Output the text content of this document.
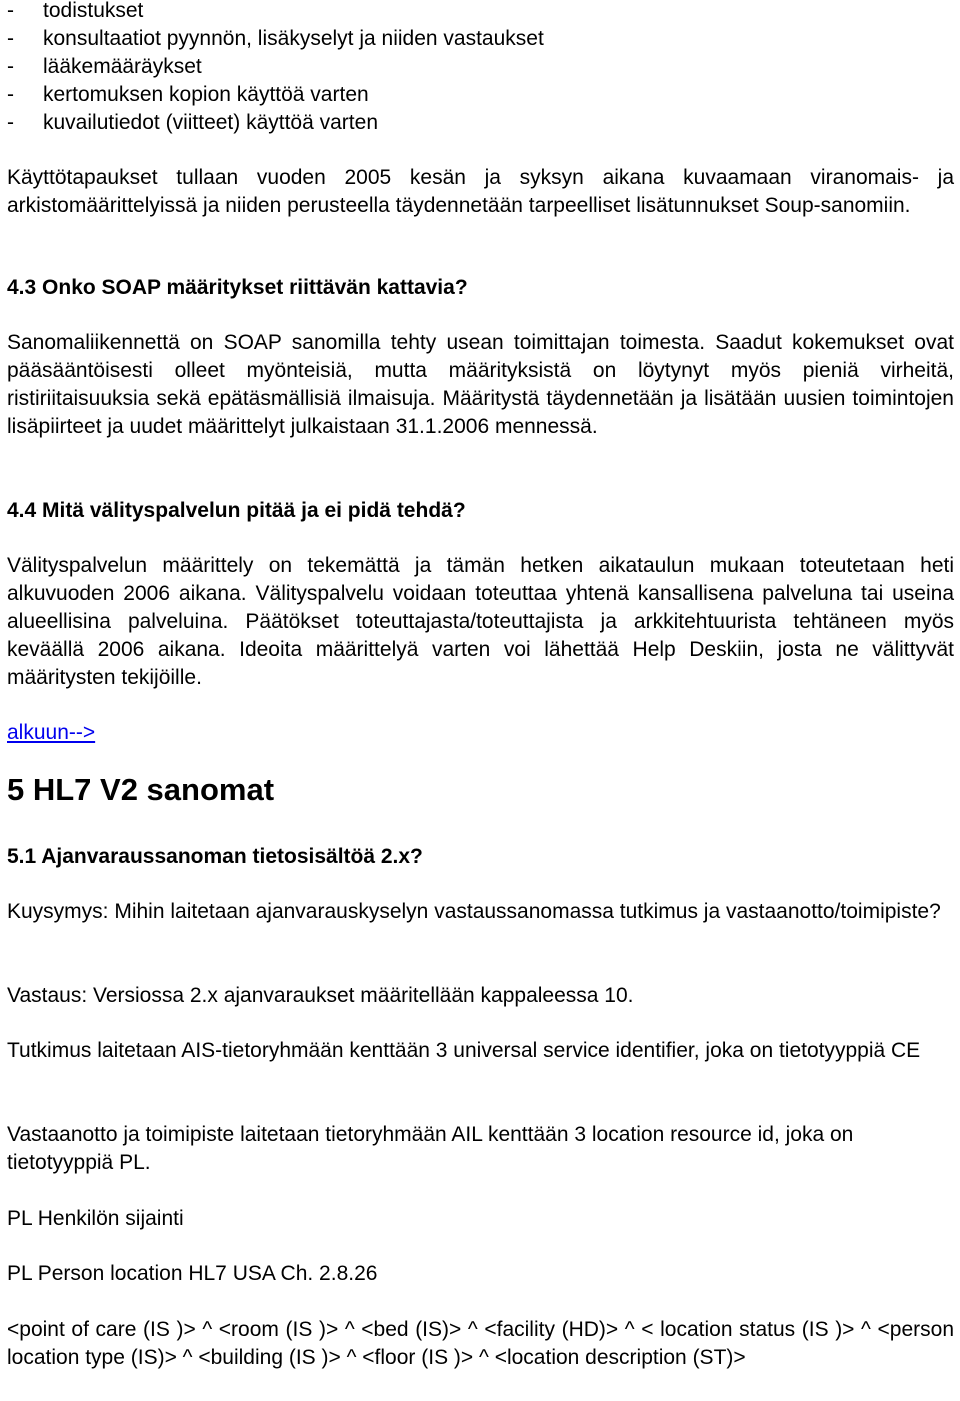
- todistukset
- konsultaatiot pyynnön, lisäkyselyt ja niiden vastaukset
- lääkemääräykset
- kertomuksen kopion käyttöä varten
- kuvailutiedot (viitteet) käyttöä varten

Käyttötapaukset tullaan vuoden 2005 kesän ja syksyn aikana kuvaamaan viranomais- ja arkistomäärittelyissä ja niiden perusteella täydennetään tarpeelliset lisätunnukset Soup-sanomiin.

4.3 Onko SOAP määritykset riittävän kattavia?

Sanomaliikennettä on SOAP sanomilla tehty usean toimittajan toimesta. Saadut kokemukset ovat pääsääntöisesti olleet myönteisiä, mutta määrityksistä on löytynyt myös pieniä virheitä, ristiriitaisuuksia sekä epätäsmällisiä ilmaisuja. Määritystä täydennetään ja lisätään uusien toimintojen lisäpiirteet ja uudet määrittelyt julkaistaan 31.1.2006 mennessä.

4.4 Mitä välityspalvelun pitää ja ei pidä tehdä?

Välityspalvelun määrittely on tekemättä ja tämän hetken aikataulun mukaan toteutetaan heti alkuvuoden 2006 aikana. Välityspalvelu voidaan toteuttaa yhtenä kansallisena palveluna tai useina alueellisina palveluina. Päätökset toteuttajasta/toteuttajista ja arkkitehtuurista tehtäneen myös keväällä 2006 aikana. Ideoita määrittelyä varten voi lähettää Help Deskiin, josta ne välittyvät määritysten tekijöille.

alkuun-->
5 HL7 V2 sanomat
5.1 Ajanvaraussanoman tietosisältöä 2.x?

Kuysymys: Mihin laitetaan ajanvarauskyselyn vastaussanomassa tutkimus ja vastaanotto/toimipiste?

Vastaus: Versiossa 2.x ajanvaraukset määritellään kappaleessa 10.

Tutkimus laitetaan AIS-tietoryhmään kenttään 3 universal service identifier, joka on tietotyyppiä CE

Vastaanotto ja toimipiste laitetaan tietoryhmään AIL kenttään 3 location resource id, joka on tietotyyppiä PL.

PL Henkilön sijainti

PL Person location HL7 USA Ch. 2.8.26

<point of care (IS )> ^ <room (IS )> ^ <bed (IS)> ^ <facility (HD)> ^ < location status (IS )> ^ <person location type (IS)> ^ <building (IS )> ^ <floor (IS )> ^ <location description (ST)>
